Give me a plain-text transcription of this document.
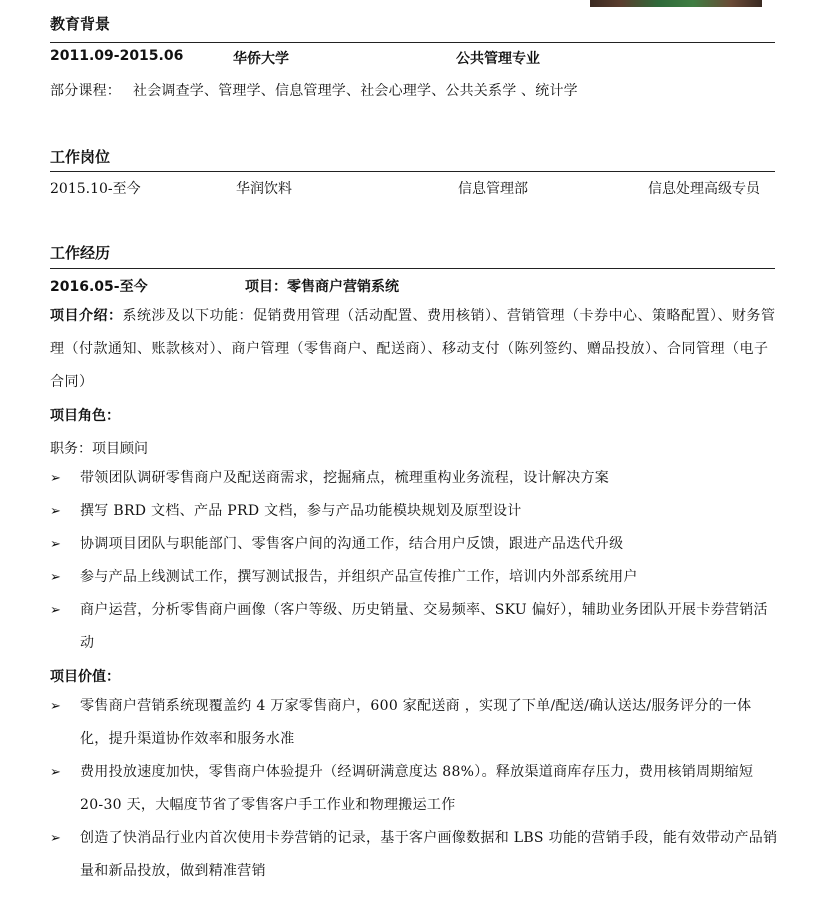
教育背景
2011.09-2015.06	华侨大学	公共管理专业
部分课程： 社会调查学、管理学、信息管理学、社会心理学、公共关系学 、统计学
工作岗位
2015.10-至今	华润饮料	信息管理部	信息处理高级专员
工作经历
2016.05-至今	项目：零售商户营销系统
项目介绍：系统涉及以下功能：促销费用管理（活动配置、费用核销）、营销管理（卡券中心、策略配置）、财务管理（付款通知、账款核对）、商户管理（零售商户、配送商）、移动支付（陈列签约、赠品投放）、合同管理（电子合同）
项目角色：
职务：项目顾问
➢ 带领团队调研零售商户及配送商需求，挖掘痛点，梳理重构业务流程，设计解决方案
➢ 撰写 BRD 文档、产品 PRD 文档，参与产品功能模块规划及原型设计
➢ 协调项目团队与职能部门、零售客户间的沟通工作，结合用户反馈，跟进产品迭代升级
➢ 参与产品上线测试工作，撰写测试报告，并组织产品宣传推广工作，培训内外部系统用户
➢ 商户运营，分析零售商户画像（客户等级、历史销量、交易频率、SKU 偏好），辅助业务团队开展卡券营销活动
项目价值：
➢ 零售商户营销系统现覆盖约 4 万家零售商户，600 家配送商 ，实现了下单/配送/确认送达/服务评分的一体化，提升渠道协作效率和服务水准
➢ 费用投放速度加快，零售商户体验提升（经调研满意度达 88%）。释放渠道商库存压力，费用核销周期缩短 20-30 天，大幅度节省了零售客户手工作业和物理搬运工作
➢ 创造了快消品行业内首次使用卡券营销的记录，基于客户画像数据和 LBS 功能的营销手段，能有效带动产品销量和新品投放，做到精准营销
